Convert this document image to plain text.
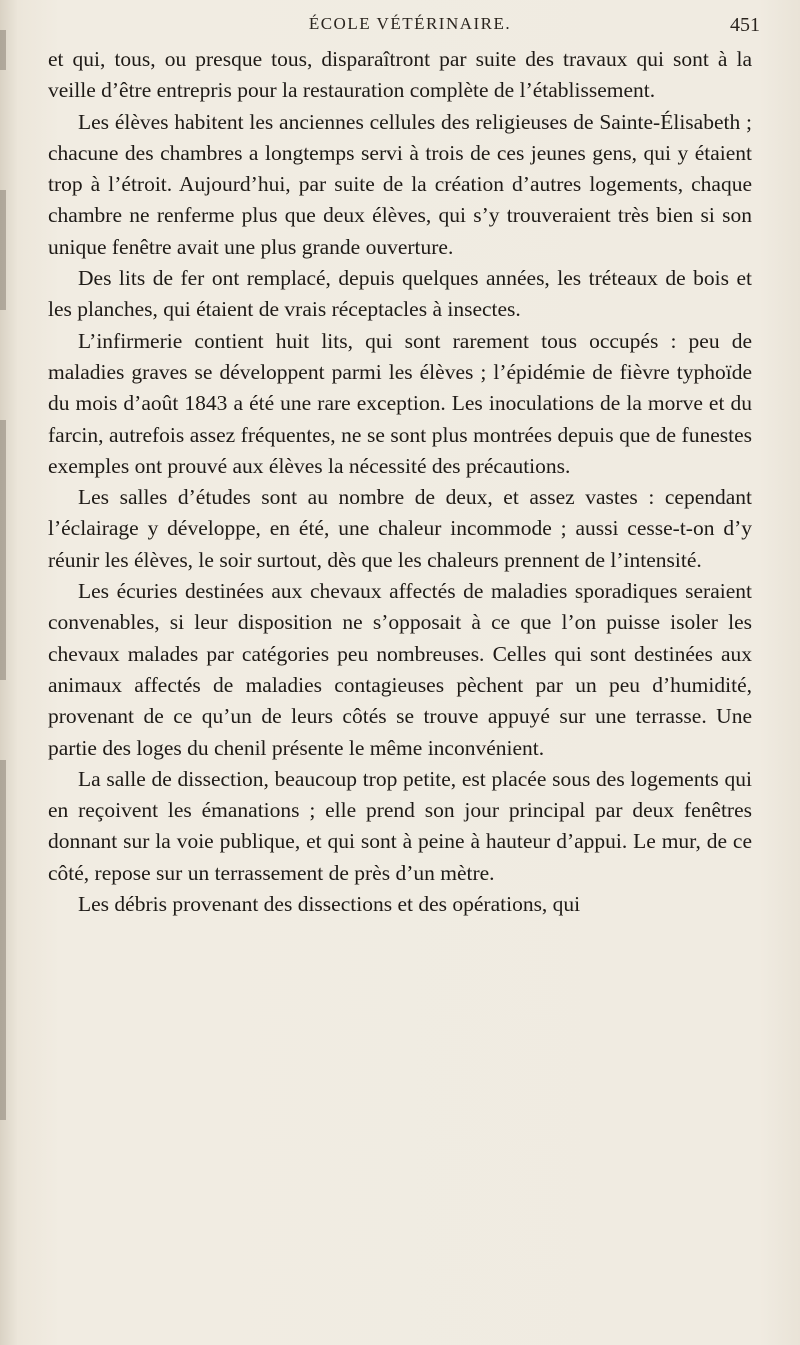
ÉCOLE VÉTÉRINAIRE.	451

et qui, tous, ou presque tous, disparaîtront par suite des travaux qui sont à la veille d’être entrepris pour la restauration complète de l’établissement.

Les élèves habitent les anciennes cellules des religieuses de Sainte-Élisabeth ; chacune des chambres a longtemps servi à trois de ces jeunes gens, qui y étaient trop à l’étroit. Aujourd’hui, par suite de la création d’autres logements, chaque chambre ne renferme plus que deux élèves, qui s’y trouveraient très bien si son unique fenêtre avait une plus grande ouverture.

Des lits de fer ont remplacé, depuis quelques années, les tréteaux de bois et les planches, qui étaient de vrais réceptacles à insectes.

L’infirmerie contient huit lits, qui sont rarement tous occupés : peu de maladies graves se développent parmi les élèves ; l’épidémie de fièvre typhoïde du mois d’août 1843 a été une rare exception. Les inoculations de la morve et du farcin, autrefois assez fréquentes, ne se sont plus montrées depuis que de funestes exemples ont prouvé aux élèves la nécessité des précautions.

Les salles d’études sont au nombre de deux, et assez vastes : cependant l’éclairage y développe, en été, une chaleur incommode ; aussi cesse-t-on d’y réunir les élèves, le soir surtout, dès que les chaleurs prennent de l’intensité.

Les écuries destinées aux chevaux affectés de maladies sporadiques seraient convenables, si leur disposition ne s’opposait à ce que l’on puisse isoler les chevaux malades par catégories peu nombreuses. Celles qui sont destinées aux animaux affectés de maladies contagieuses pèchent par un peu d’humidité, provenant de ce qu’un de leurs côtés se trouve appuyé sur une terrasse. Une partie des loges du chenil présente le même inconvénient.

La salle de dissection, beaucoup trop petite, est placée sous des logements qui en reçoivent les émanations ; elle prend son jour principal par deux fenêtres donnant sur la voie publique, et qui sont à peine à hauteur d’appui. Le mur, de ce côté, repose sur un terrassement de près d’un mètre.

Les débris provenant des dissections et des opérations, qui
